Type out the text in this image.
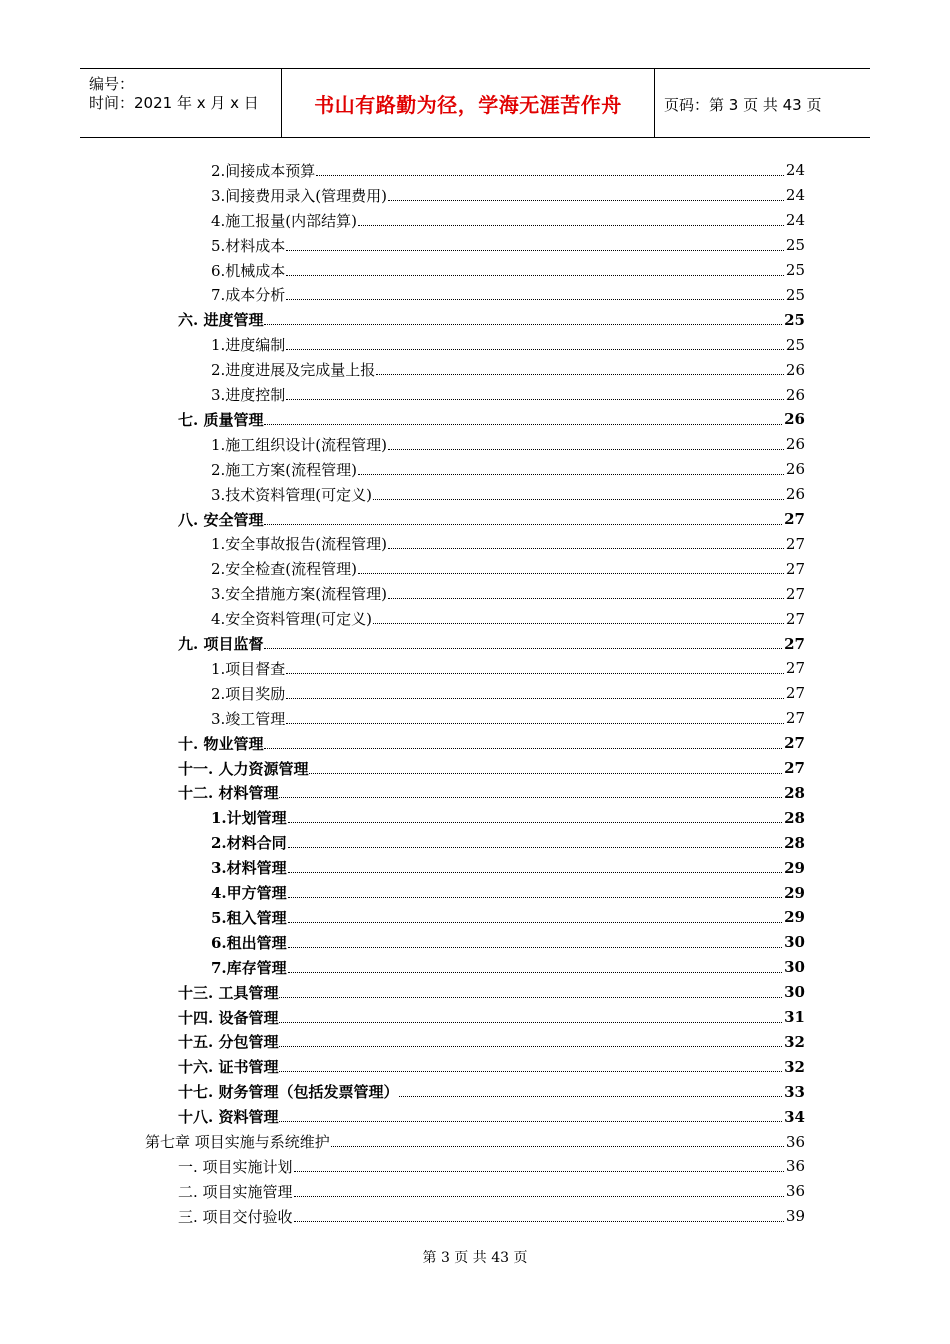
编号：
时间：2021 年 x 月 x 日	书山有路勤为径，学海无涯苦作舟	页码：第 3 页 共 43 页
2.间接成本预算	24
3.间接费用录入(管理费用)	24
4.施工报量(内部结算)	24
5.材料成本	25
6.机械成本	25
7.成本分析	25
六. 进度管理	25
1.进度编制	25
2.进度进展及完成量上报	26
3.进度控制	26
七. 质量管理	26
1.施工组织设计(流程管理)	26
2.施工方案(流程管理)	26
3.技术资料管理(可定义)	26
八. 安全管理	27
1.安全事故报告(流程管理)	27
2.安全检查(流程管理)	27
3.安全措施方案(流程管理)	27
4.安全资料管理(可定义)	27
九. 项目监督	27
1.项目督查	27
2.项目奖励	27
3.竣工管理	27
十. 物业管理	27
十一. 人力资源管理	27
十二. 材料管理	28
1.计划管理	28
2.材料合同	28
3.材料管理	29
4.甲方管理	29
5.租入管理	29
6.租出管理	30
7.库存管理	30
十三. 工具管理	30
十四. 设备管理	31
十五. 分包管理	32
十六. 证书管理	32
十七. 财务管理（包括发票管理）	33
十八. 资料管理	34
第七章 项目实施与系统维护	36
一. 项目实施计划	36
二. 项目实施管理	36
三. 项目交付验收	39
第 3 页 共 43 页
